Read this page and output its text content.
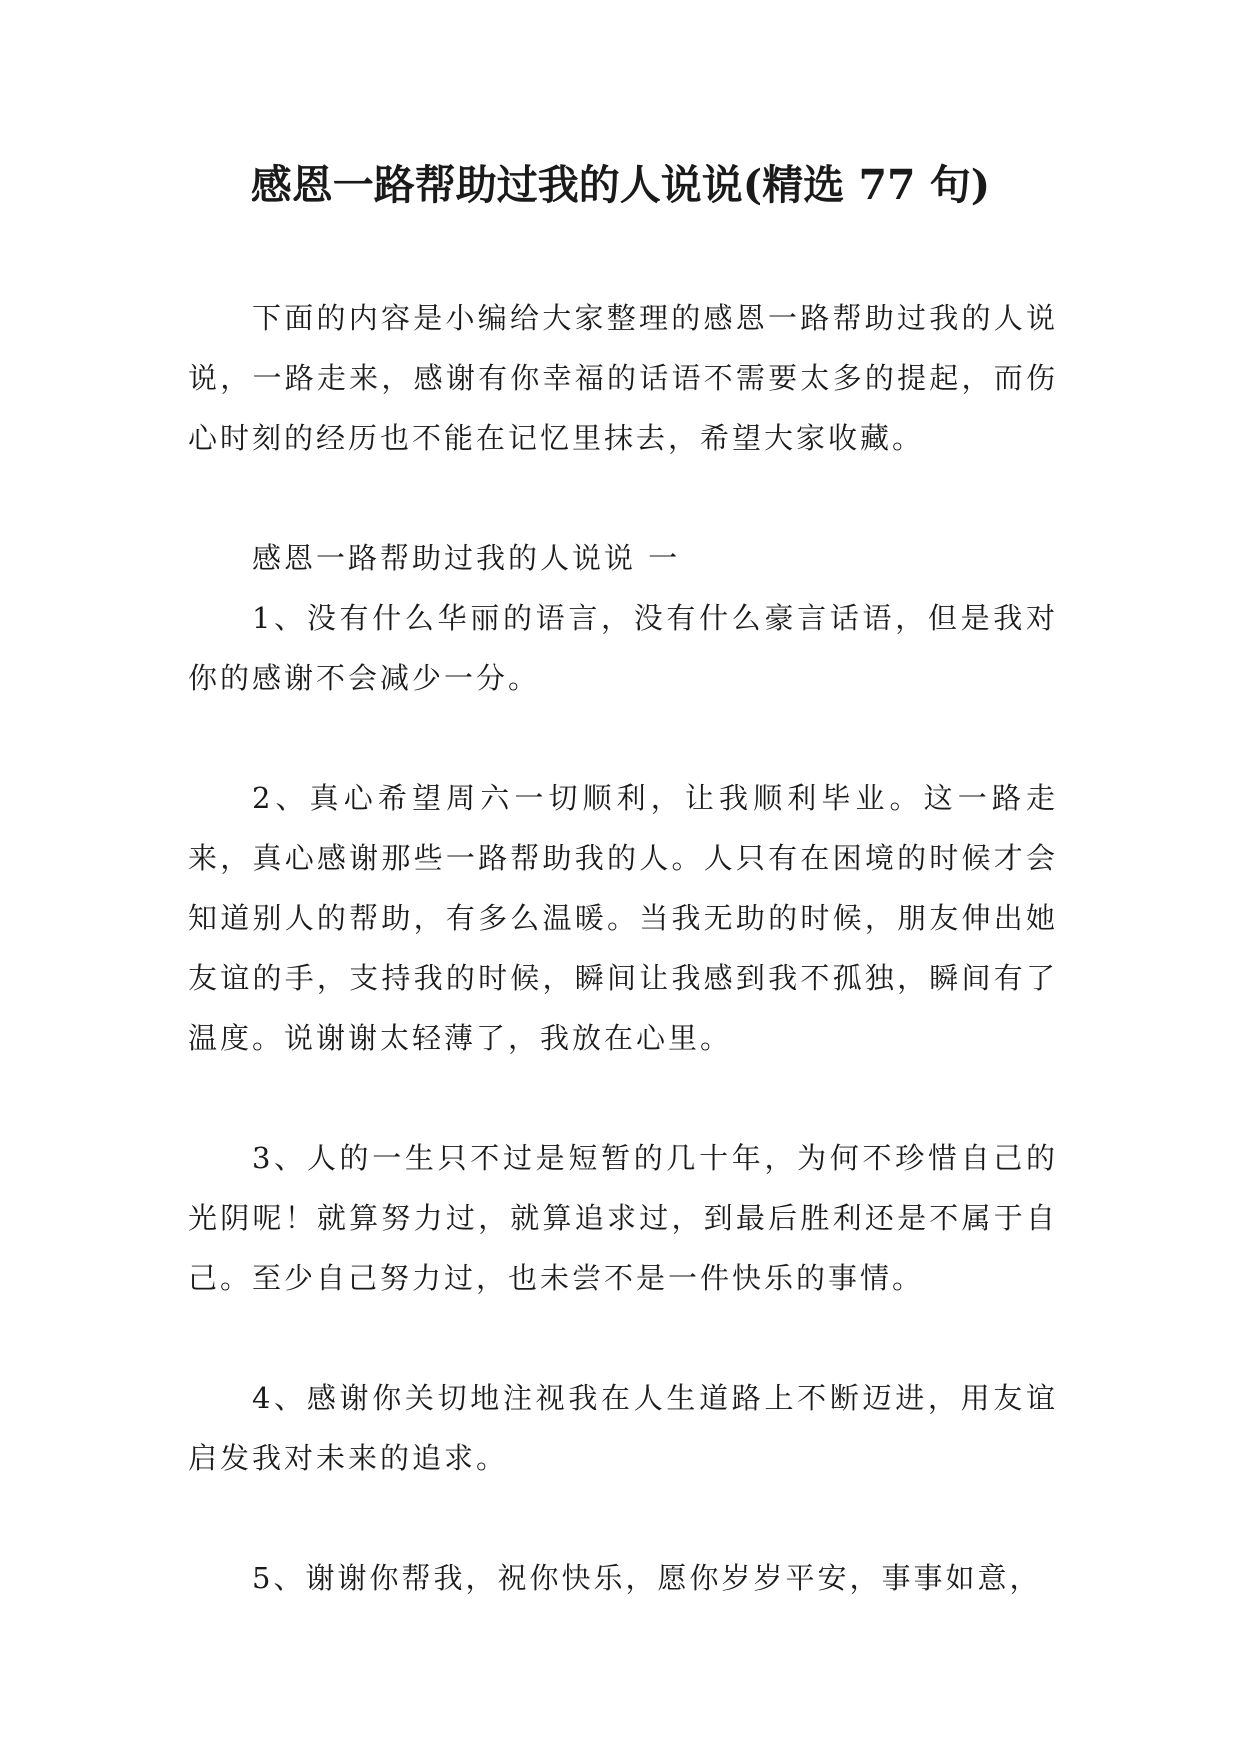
感恩一路帮助过我的人说说(精选 77 句)

下面的内容是小编给大家整理的感恩一路帮助过我的人说说，一路走来，感谢有你幸福的话语不需要太多的提起，而伤心时刻的经历也不能在记忆里抹去，希望大家收藏。

感恩一路帮助过我的人说说 一

1、没有什么华丽的语言，没有什么豪言话语，但是我对你的感谢不会减少一分。

2、真心希望周六一切顺利，让我顺利毕业。这一路走来，真心感谢那些一路帮助我的人。人只有在困境的时候才会知道别人的帮助，有多么温暖。当我无助的时候，朋友伸出她友谊的手，支持我的时候，瞬间让我感到我不孤独，瞬间有了温度。说谢谢太轻薄了，我放在心里。

3、人的一生只不过是短暂的几十年，为何不珍惜自己的光阴呢！就算努力过，就算追求过，到最后胜利还是不属于自己。至少自己努力过，也未尝不是一件快乐的事情。

4、感谢你关切地注视我在人生道路上不断迈进，用友谊启发我对未来的追求。

5、谢谢你帮我，祝你快乐，愿你岁岁平安，事事如意，
